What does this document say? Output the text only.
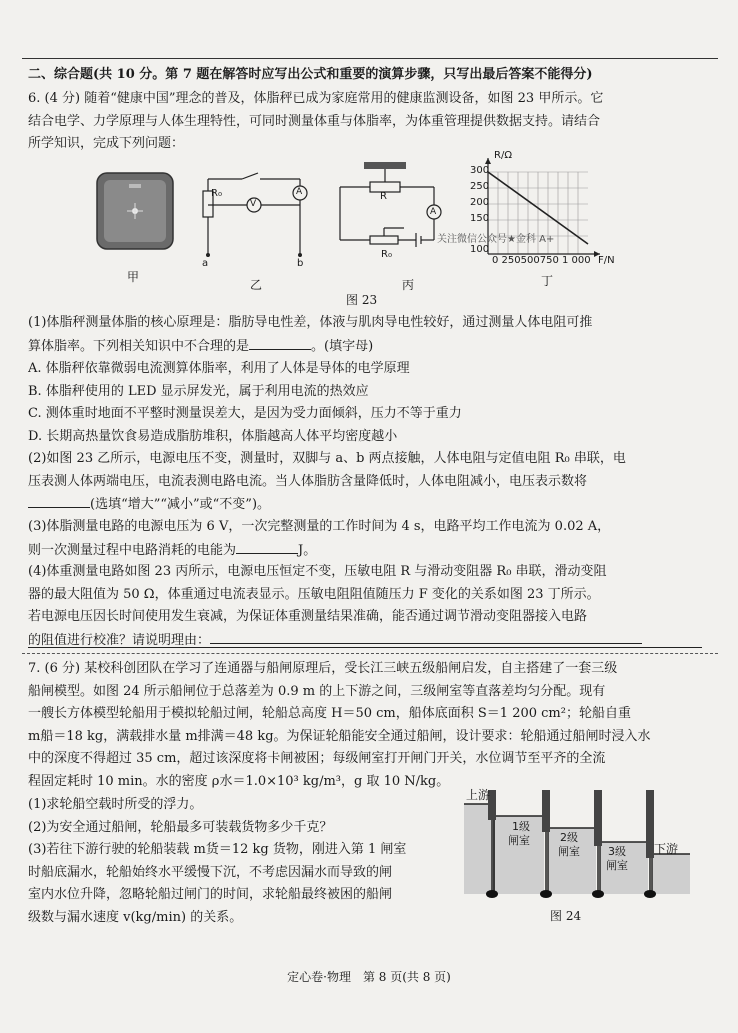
二、综合题(共 10 分。第 7 题在解答时应写出公式和重要的演算步骤，只写出最后答案不能得分)
6. (4 分) 随着“健康中国”理念的普及，体脂秤已成为家庭常用的健康监测设备，如图 23 甲所示。它
结合电学、力学原理与人体生理特性，可同时测量体重与体脂率，为体重管理提供数据支持。请结合
所学知识，完成下列问题：
甲
R₀
V
A
a	b
乙
R
A
R₀
丙
R/Ω
300
250
200
150
关注微信公众号★金科 A+
100
0 250500750 1 000 F/N
丁
图 23
(1)体脂秤测量体脂的核心原理是：脂肪导电性差，体液与肌肉导电性较好，通过测量人体电阻可推
算体脂率。下列相关知识中不合理的是	。(填字母)
A. 体脂秤依靠微弱电流测算体脂率，利用了人体是导体的电学原理
B. 体脂秤使用的 LED 显示屏发光，属于利用电流的热效应
C. 测体重时地面不平整时测量误差大，是因为受力面倾斜，压力不等于重力
D. 长期高热量饮食易造成脂肪堆积，体脂越高人体平均密度越小
(2)如图 23 乙所示，电源电压不变，测量时，双脚与 a、b 两点接触，人体电阻与定值电阻 R₀ 串联，电
压表测人体两端电压，电流表测电路电流。当人体脂肪含量降低时，人体电阻减小，电压表示数将
(选填“增大”“减小”或“不变”)。
(3)体脂测量电路的电源电压为 6 V，一次完整测量的工作时间为 4 s，电路平均工作电流为 0.02 A，
则一次测量过程中电路消耗的电能为	J。
(4)体重测量电路如图 23 丙所示，电源电压恒定不变，压敏电阻 R 与滑动变阻器 R₀ 串联，滑动变阻
器的最大阻值为 50 Ω，体重通过电流表显示。压敏电阻阻值随压力 F 变化的关系如图 23 丁所示。
若电源电压因长时间使用发生衰减，为保证体重测量结果准确，能否通过调节滑动变阻器接入电路
的阻值进行校准？请说明理由：
7. (6 分) 某校科创团队在学习了连通器与船闸原理后，受长江三峡五级船闸启发，自主搭建了一套三级
船闸模型。如图 24 所示船闸位于总落差为 0.9 m 的上下游之间，三级闸室等直落差均匀分配。现有
一艘长方体模型轮船用于模拟轮船过闸，轮船总高度 H＝50 cm，船体底面积 S＝1 200 cm²；轮船自重
m船＝18 kg，满载排水量 m排满＝48 kg。为保证轮船能安全通过船闸，设计要求：轮船通过船闸时浸入水
中的深度不得超过 35 cm，超过该深度将卡闸被困；每级闸室打开闸门开关，水位调节至平齐的全流
程固定耗时 10 min。水的密度 ρ水＝1.0×10³ kg/m³，g 取 10 N/kg。
(1)求轮船空载时所受的浮力。
(2)为安全通过船闸，轮船最多可装载货物多少千克？
(3)若往下游行驶的轮船装载 m货＝12 kg 货物，刚进入第 1 闸室
时船底漏水，轮船始终水平缓慢下沉，不考虑因漏水而导致的闸
室内水位升降，忽略轮船过闸门的时间，求轮船最终被困的船闸
级数与漏水速度 v(kg/min) 的关系。
上游
1级
闸室	2级
闸室	3级
闸室
下游
图 24
定心卷·物理　第 8 页(共 8 页)
